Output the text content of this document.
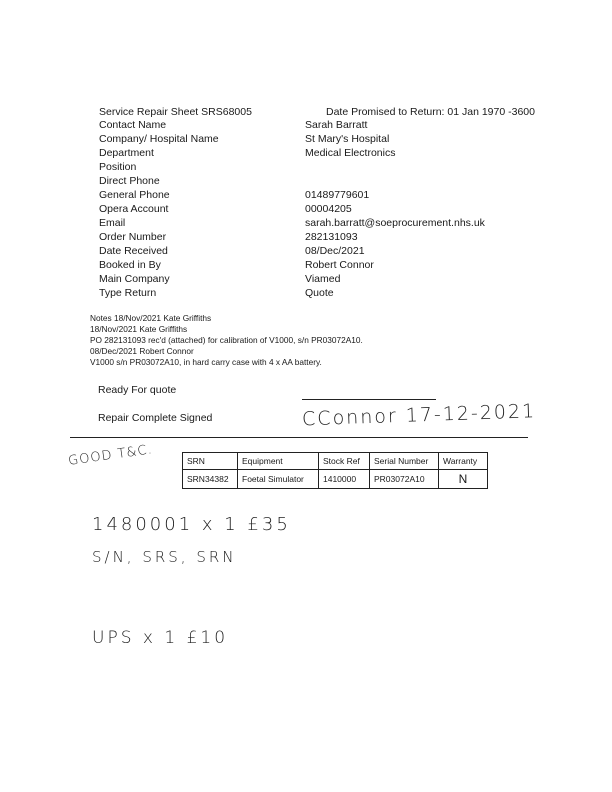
Service Repair Sheet SRS68005	Date Promised to Return: 01 Jan 1970 -3600
Contact Name	Sarah Barratt
Company/ Hospital Name	St Mary's Hospital
Department	Medical Electronics
Position
Direct Phone
General Phone	01489779601
Opera Account	00004205
Email	sarah.barratt@soeprocurement.nhs.uk
Order Number	282131093
Date Received	08/Dec/2021
Booked in By	Robert Connor
Main Company	Viamed
Type Return	Quote
Notes 18/Nov/2021 Kate Griffiths
18/Nov/2021 Kate Griffiths
PO 282131093 rec'd (attached) for calibration of V1000, s/n PR03072A10.
08/Dec/2021 Robert Connor
V1000 s/n PR03072A10, in hard carry case with 4 x AA battery.
Ready For quote
Repair Complete Signed	CConnor 17-12-2021
GOOD T&C.	SRN	Equipment	Stock Ref	Serial Number	Warranty
SRN34382	Foetal Simulator	1410000	PR03072A10	N
1480001 x 1 £35
S/N, SRS, SRN
UPS x 1 £10
